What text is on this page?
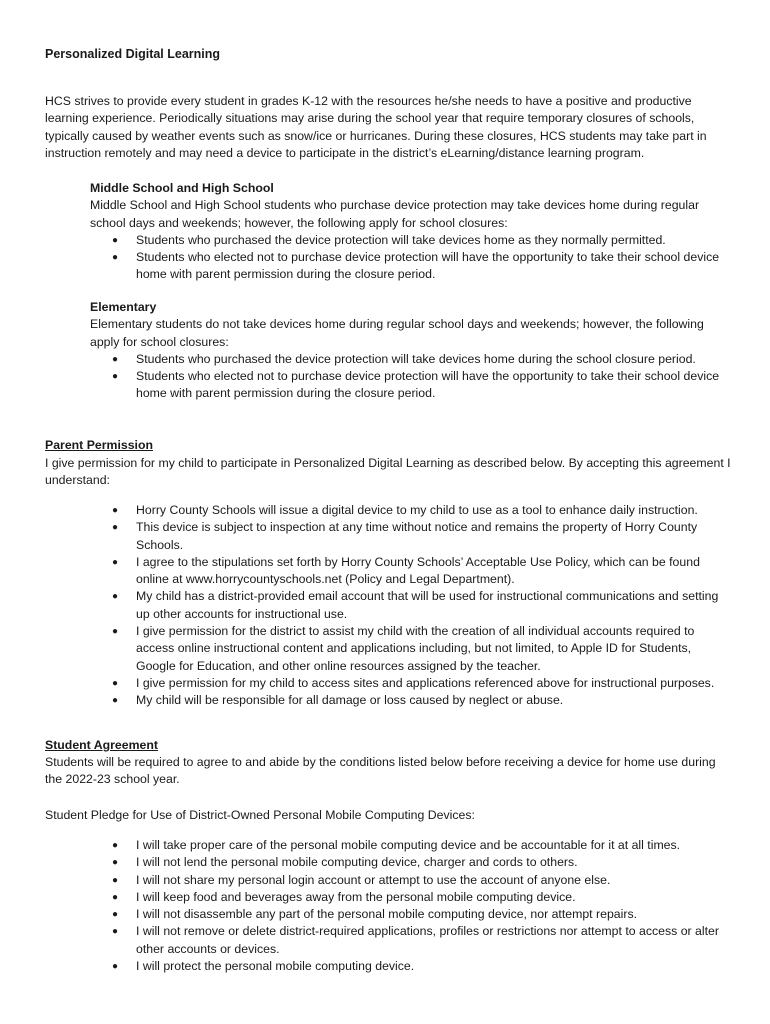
Personalized Digital Learning

HCS strives to provide every student in grades K-12 with the resources he/she needs to have a positive and productive learning experience. Periodically situations may arise during the school year that require temporary closures of schools, typically caused by weather events such as snow/ice or hurricanes. During these closures, HCS students may take part in instruction remotely and may need a device to participate in the district’s eLearning/distance learning program.

Middle School and High School
Middle School and High School students who purchase device protection may take devices home during regular school days and weekends; however, the following apply for school closures:
● Students who purchased the device protection will take devices home as they normally permitted.
● Students who elected not to purchase device protection will have the opportunity to take their school device home with parent permission during the closure period.
Elementary
Elementary students do not take devices home during regular school days and weekends; however, the following apply for school closures:
● Students who purchased the device protection will take devices home during the school closure period.
● Students who elected not to purchase device protection will have the opportunity to take their school device home with parent permission during the closure period.
Parent Permission

I give permission for my child to participate in Personalized Digital Learning as described below. By accepting this agreement I understand:

● Horry County Schools will issue a digital device to my child to use as a tool to enhance daily instruction.
● This device is subject to inspection at any time without notice and remains the property of Horry County Schools.
● I agree to the stipulations set forth by Horry County Schools’ Acceptable Use Policy, which can be found online at www.horrycountyschools.net (Policy and Legal Department).
● My child has a district-provided email account that will be used for instructional communications and setting up other accounts for instructional use.
● I give permission for the district to assist my child with the creation of all individual accounts required to access online instructional content and applications including, but not limited, to Apple ID for Students, Google for Education, and other online resources assigned by the teacher.
● I give permission for my child to access sites and applications referenced above for instructional purposes.
● My child will be responsible for all damage or loss caused by neglect or abuse.
Student Agreement

Students will be required to agree to and abide by the conditions listed below before receiving a device for home use during the 2022-23 school year.

Student Pledge for Use of District-Owned Personal Mobile Computing Devices:

● I will take proper care of the personal mobile computing device and be accountable for it at all times.
● I will not lend the personal mobile computing device, charger and cords to others.
● I will not share my personal login account or attempt to use the account of anyone else.
● I will keep food and beverages away from the personal mobile computing device.
● I will not disassemble any part of the personal mobile computing device, nor attempt repairs.
● I will not remove or delete district-required applications, profiles or restrictions nor attempt to access or alter other accounts or devices.
● I will protect the personal mobile computing device.
